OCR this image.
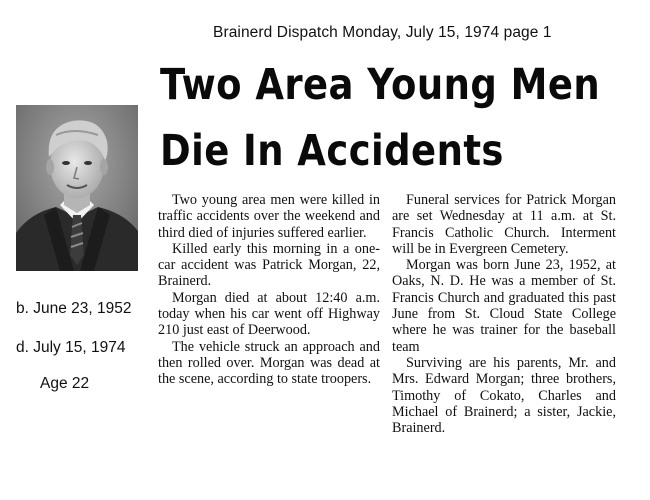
Brainerd Dispatch Monday, July 15, 1974 page 1
Two Area Young Men
Die In Accidents
b. June 23, 1952
d. July 15, 1974
Age 22

Two young area men were killed in traffic accidents over the weekend and third died of injuries suffered earlier.

Killed early this morning in a one-car accident was Patrick Morgan, 22, Brainerd.

Morgan died at about 12:40 a.m. today when his car went off Highway 210 just east of Deerwood.

The vehicle struck an approach and then rolled over. Morgan was dead at the scene, according to state troopers.

Funeral services for Patrick Morgan are set Wednesday at 11 a.m. at St. Francis Catholic Church. Interment will be in Evergreen Cemetery.

Morgan was born June 23, 1952, at Oaks, N. D. He was a member of St. Francis Church and graduated this past June from St. Cloud State College where he was trainer for the baseball team

Surviving are his parents, Mr. and Mrs. Edward Morgan; three brothers, Timothy of Cokato, Charles and Michael of Brainerd; a sister, Jackie, Brainerd.
